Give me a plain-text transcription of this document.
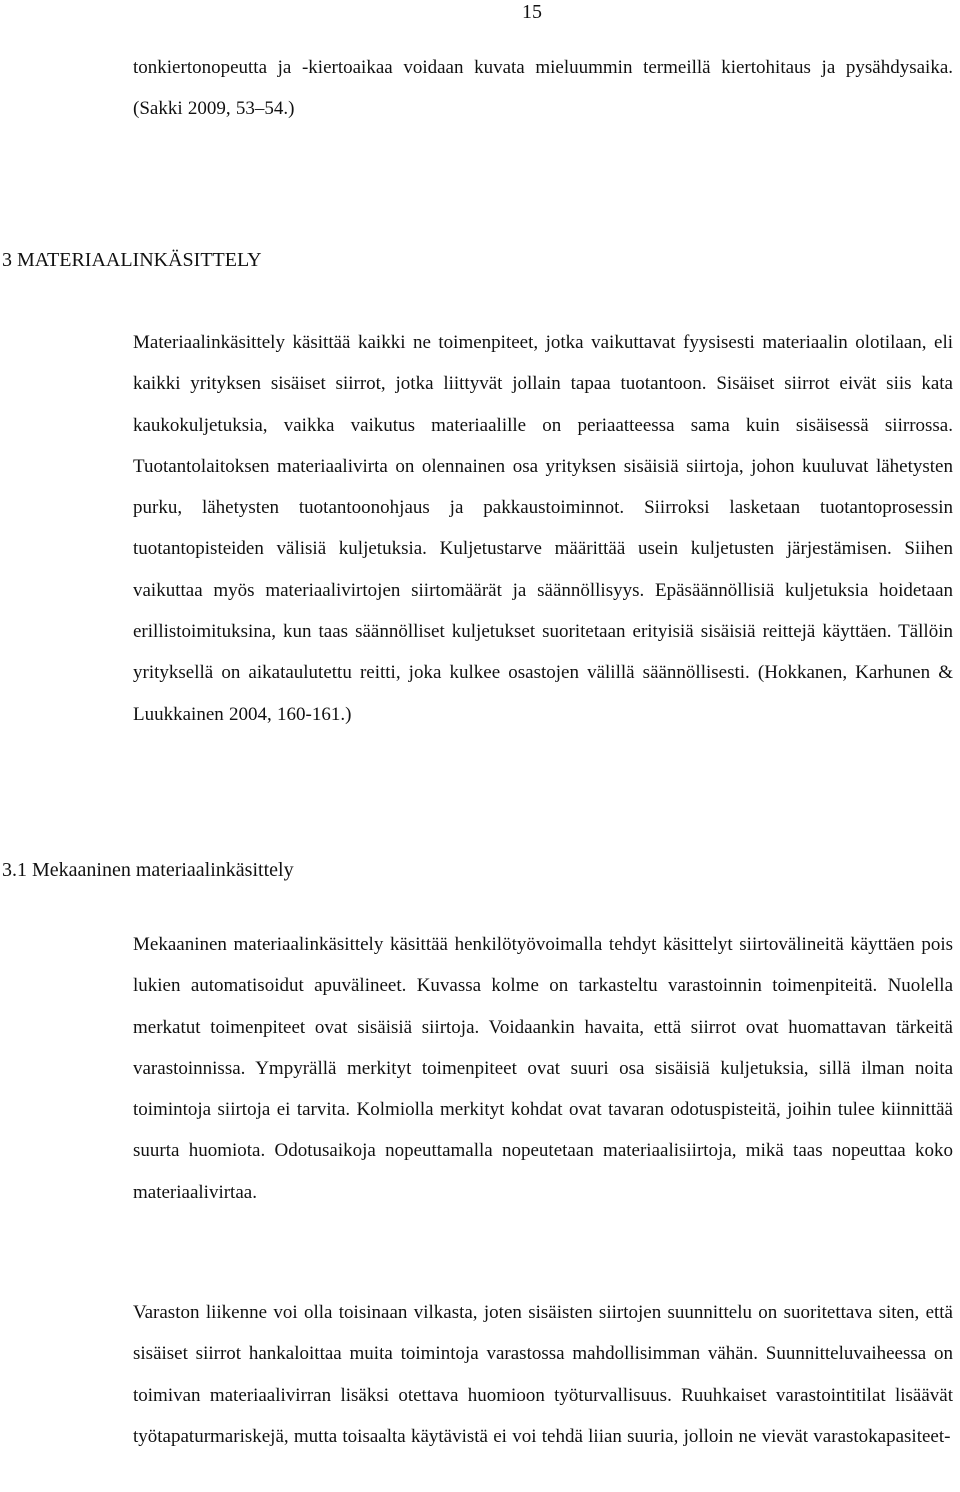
15

tonkiertonopeutta ja -kiertoaikaa voidaan kuvata mieluummin termeillä kiertohitaus ja pysähdysaika. (Sakki 2009, 53–54.)

3 MATERIAALINKÄSITTELY

Materiaalinkäsittely käsittää kaikki ne toimenpiteet, jotka vaikuttavat fyysisesti materiaalin olotilaan, eli kaikki yrityksen sisäiset siirrot, jotka liittyvät jollain tapaa tuotantoon. Sisäiset siirrot eivät siis kata kaukokuljetuksia, vaikka vaikutus materiaalille on periaatteessa sama kuin sisäisessä siirrossa. Tuotantolaitoksen materiaalivirta on olennainen osa yrityksen sisäisiä siirtoja, johon kuuluvat lähetysten purku, lähetysten tuotantoonohjaus ja pakkaustoiminnot. Siirroksi lasketaan tuotantoprosessin tuotantopisteiden välisiä kuljetuksia. Kuljetustarve määrittää usein kuljetusten järjestämisen. Siihen vaikuttaa myös materiaalivirtojen siirtomäärät ja säännöllisyys. Epäsäännöllisiä kuljetuksia hoidetaan erillistoimituksina, kun taas säännölliset kuljetukset suoritetaan erityisiä sisäisiä reittejä käyttäen. Tällöin yrityksellä on aikataulutettu reitti, joka kulkee osastojen välillä säännöllisesti. (Hokkanen, Karhunen & Luukkainen 2004, 160-161.)

3.1 Mekaaninen materiaalinkäsittely

Mekaaninen materiaalinkäsittely käsittää henkilötyövoimalla tehdyt käsittelyt siirtovälineitä käyttäen pois lukien automatisoidut apuvälineet. Kuvassa kolme on tarkasteltu varastoinnin toimenpiteitä. Nuolella merkatut toimenpiteet ovat sisäisiä siirtoja. Voidaankin havaita, että siirrot ovat huomattavan tärkeitä varastoinnissa. Ympyrällä merkityt toimenpiteet ovat suuri osa sisäisiä kuljetuksia, sillä ilman noita toimintoja siirtoja ei tarvita. Kolmiolla merkityt kohdat ovat tavaran odotuspisteitä, joihin tulee kiinnittää suurta huomiota. Odotusaikoja nopeuttamalla nopeutetaan materiaalisiirtoja, mikä taas nopeuttaa koko materiaalivirtaa.

Varaston liikenne voi olla toisinaan vilkasta, joten sisäisten siirtojen suunnittelu on suoritettava siten, että sisäiset siirrot hankaloittaa muita toimintoja varastossa mahdollisimman vähän. Suunnitteluvaiheessa on toimivan materiaalivirran lisäksi otettava huomioon työturvallisuus. Ruuhkaiset varastointitilat lisäävät työtapaturmariskejä, mutta toisaalta käytävistä ei voi tehdä liian suuria, jolloin ne vievät varastokapasiteet-
